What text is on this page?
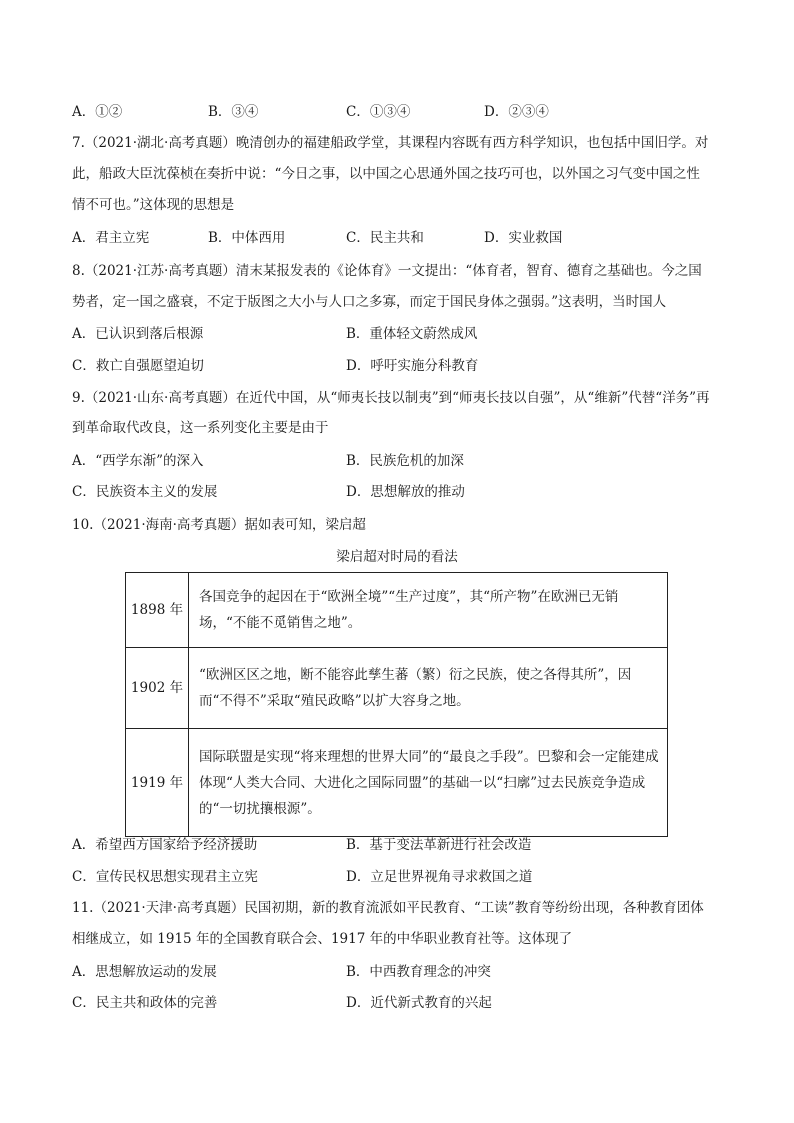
A．①②	B．③④	C．①③④	D．②③④
7.（2021·湖北·高考真题）晚清创办的福建船政学堂，其课程内容既有西方科学知识，也包括中国旧学。对
此，船政大臣沈葆桢在奏折中说：“今日之事，以中国之心思通外国之技巧可也，以外国之习气变中国之性
情不可也。”这体现的思想是
A．君主立宪	B．中体西用	C．民主共和	D．实业救国
8.（2021·江苏·高考真题）清末某报发表的《论体育》一文提出：“体育者，智育、德育之基础也。今之国
势者，定一国之盛衰，不定于版图之大小与人口之多寡，而定于国民身体之强弱。”这表明，当时国人
A．已认识到落后根源	B．重体轻文蔚然成风
C．救亡自强愿望迫切	D．呼吁实施分科教育
9.（2021·山东·高考真题）在近代中国，从“师夷长技以制夷”到“师夷长技以自强”，从“维新”代替“洋务”再
到革命取代改良，这一系列变化主要是由于
A．“西学东渐”的深入	B．民族危机的加深
C．民族资本主义的发展	D．思想解放的推动
10.（2021·海南·高考真题）据如表可知，梁启超
梁启超对时局的看法
1898 年	各国竞争的起因在于“欧洲全境”“生产过度”，其“所产物”在欧洲已无销场，“不能不觅销售之地”。
1902 年	“欧洲区区之地，断不能容此孳生蕃（繁）衍之民族，使之各得其所”，因而“不得不”采取“殖民政略”以扩大容身之地。
1919 年	国际联盟是实现“将来理想的世界大同”的“最良之手段”。巴黎和会一定能建成体现“人类大合同、大进化之国际同盟”的基础一以“扫廓”过去民族竞争造成的“一切扰攘根源”。
A．希望西方国家给予经济援助	B．基于变法革新进行社会改造
C．宣传民权思想实现君主立宪	D．立足世界视角寻求救国之道
11.（2021·天津·高考真题）民国初期，新的教育流派如平民教育、“工读”教育等纷纷出现，各种教育团体
相继成立，如 1915 年的全国教育联合会、1917 年的中华职业教育社等。这体现了
A．思想解放运动的发展	B．中西教育理念的冲突
C．民主共和政体的完善	D．近代新式教育的兴起
